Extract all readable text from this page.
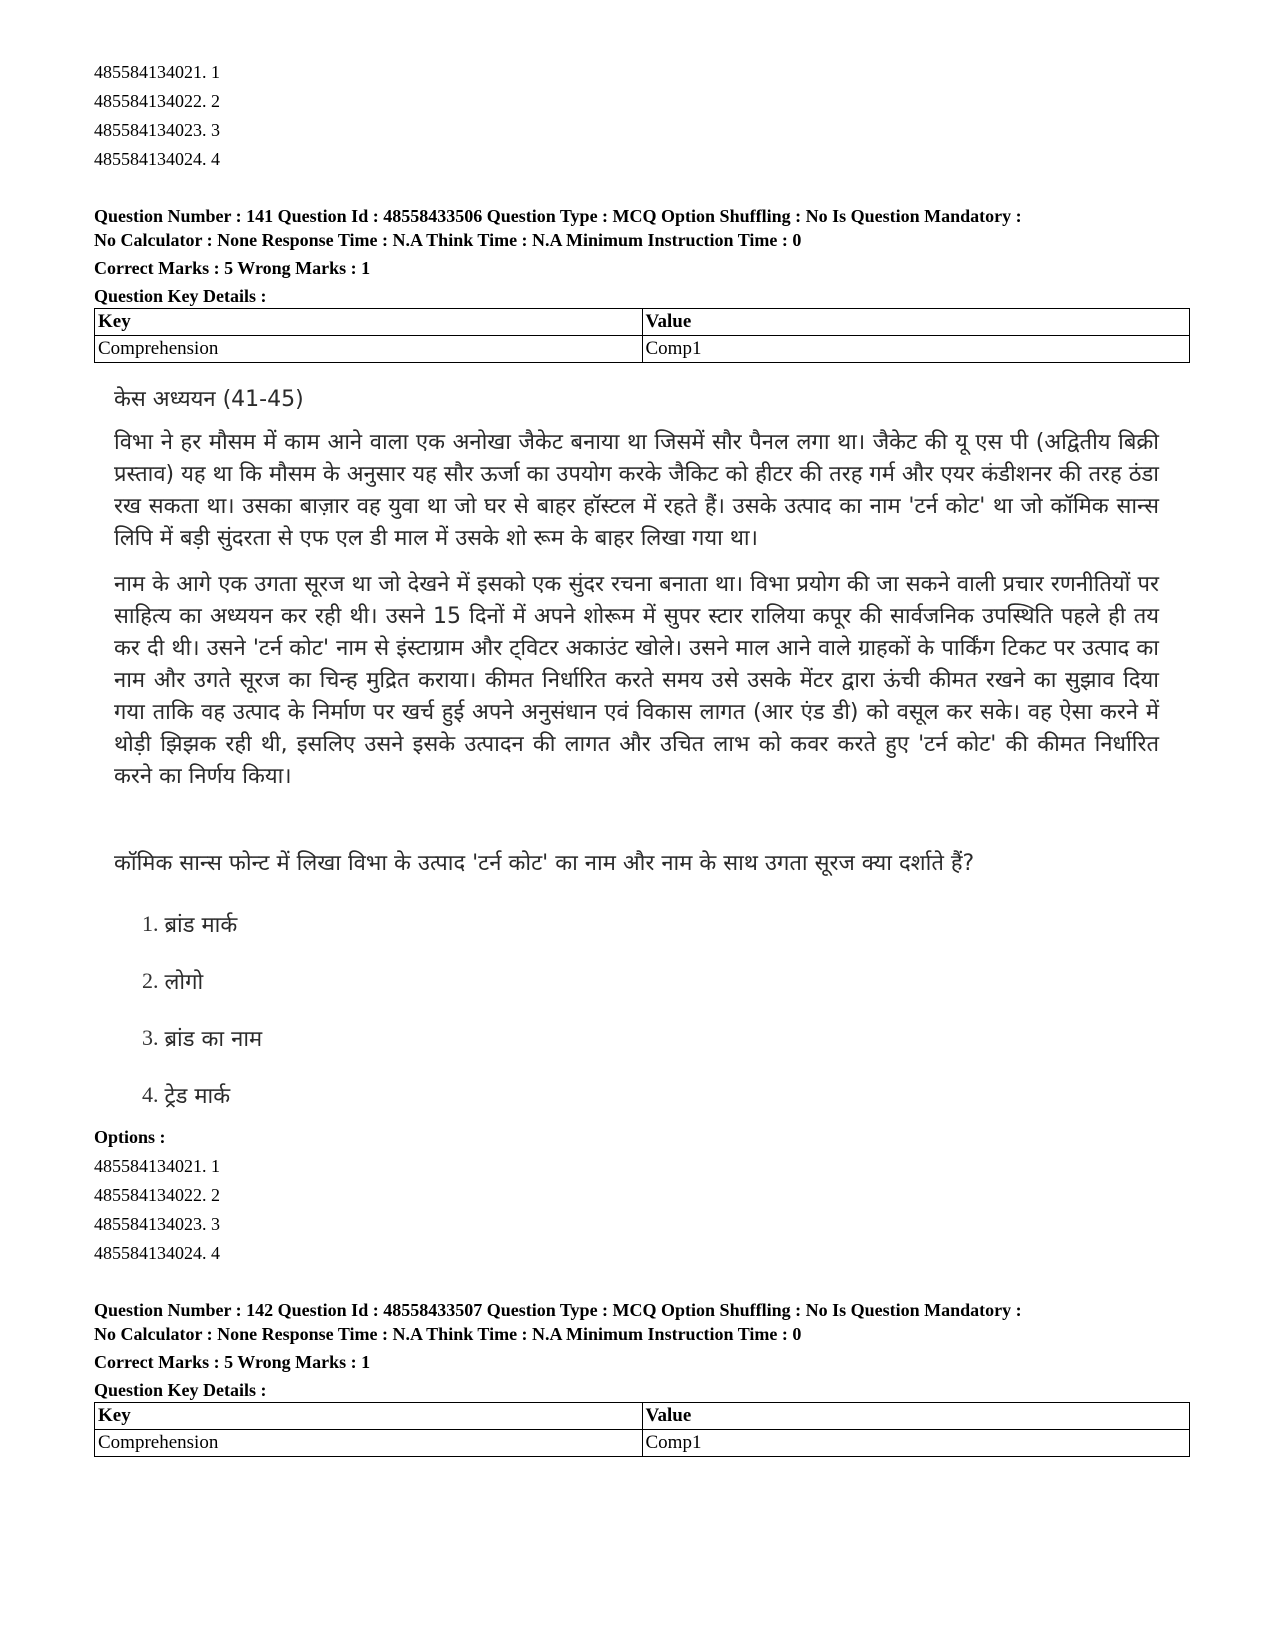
485584134021. 1
485584134022. 2
485584134023. 3
485584134024. 4
Question Number : 141 Question Id : 48558433506 Question Type : MCQ Option Shuffling : No Is Question Mandatory :
No Calculator : None Response Time : N.A Think Time : N.A Minimum Instruction Time : 0
Correct Marks : 5 Wrong Marks : 1
Question Key Details :
Key	Value
Comprehension	Comp1
केस अध्ययन (41-45)
विभा ने हर मौसम में काम आने वाला एक अनोखा जैकेट बनाया था जिसमें सौर पैनल लगा था। जैकेट की यू एस पी (अद्वितीय बिक्री प्रस्ताव) यह था कि मौसम के अनुसार यह सौर ऊर्जा का उपयोग करके जैकिट को हीटर की तरह गर्म और एयर कंडीशनर की तरह ठंडा रख सकता था। उसका बाज़ार वह युवा था जो घर से बाहर हॉस्टल में रहते हैं। उसके उत्पाद का नाम 'टर्न कोट' था जो कॉमिक सान्स लिपि में बड़ी सुंदरता से एफ एल डी माल में उसके शो रूम के बाहर लिखा गया था।
नाम के आगे एक उगता सूरज था जो देखने में इसको एक सुंदर रचना बनाता था। विभा प्रयोग की जा सकने वाली प्रचार रणनीतियों पर साहित्य का अध्ययन कर रही थी। उसने 15 दिनों में अपने शोरूम में सुपर स्टार रालिया कपूर की सार्वजनिक उपस्थिति पहले ही तय कर दी थी। उसने 'टर्न कोट' नाम से इंस्टाग्राम और ट्विटर अकाउंट खोले। उसने माल आने वाले ग्राहकों के पार्किंग टिकट पर उत्पाद का नाम और उगते सूरज का चिन्ह मुद्रित कराया। कीमत निर्धारित करते समय उसे उसके मेंटर द्वारा ऊंची कीमत रखने का सुझाव दिया गया ताकि वह उत्पाद के निर्माण पर खर्च हुई अपने अनुसंधान एवं विकास लागत (आर एंड डी) को वसूल कर सके। वह ऐसा करने में थोड़ी झिझक रही थी, इसलिए उसने इसके उत्पादन की लागत और उचित लाभ को कवर करते हुए 'टर्न कोट' की कीमत निर्धारित करने का निर्णय किया।
कॉमिक सान्स फोन्ट में लिखा विभा के उत्पाद 'टर्न कोट' का नाम और नाम के साथ उगता सूरज क्या दर्शाते हैं?
1. ब्रांड मार्क
2. लोगो
3. ब्रांड का नाम
4. ट्रेड मार्क
Options :
485584134021. 1
485584134022. 2
485584134023. 3
485584134024. 4
Question Number : 142 Question Id : 48558433507 Question Type : MCQ Option Shuffling : No Is Question Mandatory :
No Calculator : None Response Time : N.A Think Time : N.A Minimum Instruction Time : 0
Correct Marks : 5 Wrong Marks : 1
Question Key Details :
Key	Value
Comprehension	Comp1
